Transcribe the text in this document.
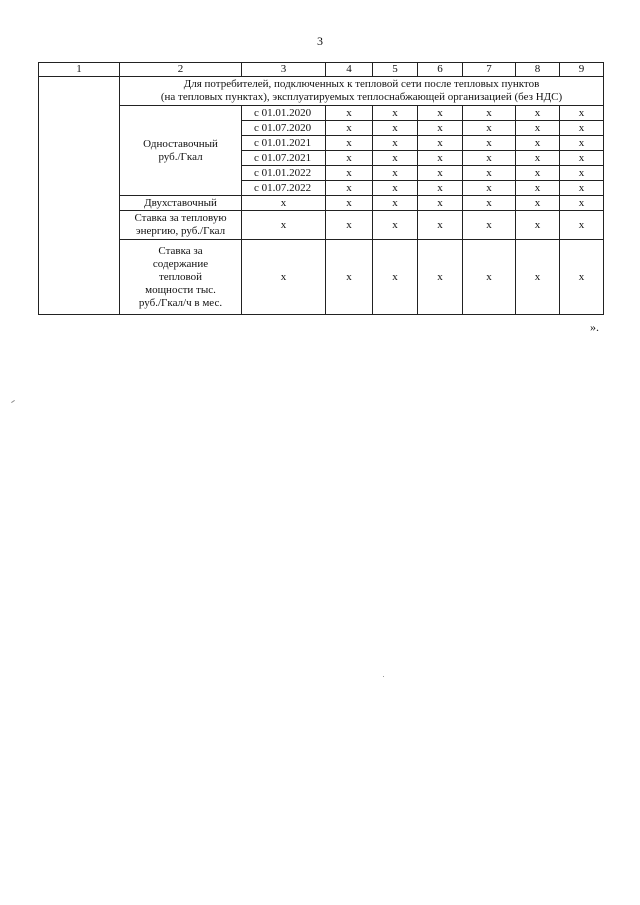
3
1	2	3	4	5	6	7	8	9

	Для потребителей, подключенных к тепловой сети после тепловых пунктов
(на тепловых пунктах), эксплуатируемых теплоснабжающей организацией (без НДС)							

	Одноставочный
руб./Гкал	с 01.01.2020	х	х	х	х	х	х
		с 01.07.2020	х	х	х	х	х	х
		с 01.01.2021	х	х	х	х	х	х
		с 01.07.2021	х	х	х	х	х	х
		с 01.01.2022	х	х	х	х	х	х
		с 01.07.2022	х	х	х	х	х	х
	Двухставочный	х	х	х	х	х	х	х

	Ставка за тепловую
энергию, руб./Гкал	х	х	х	х	х	х	х

	Ставка за
содержание
тепловой
мощности тыс.
руб./Гкал/ч в мес.	х	х	х	х	х	х	х
».
